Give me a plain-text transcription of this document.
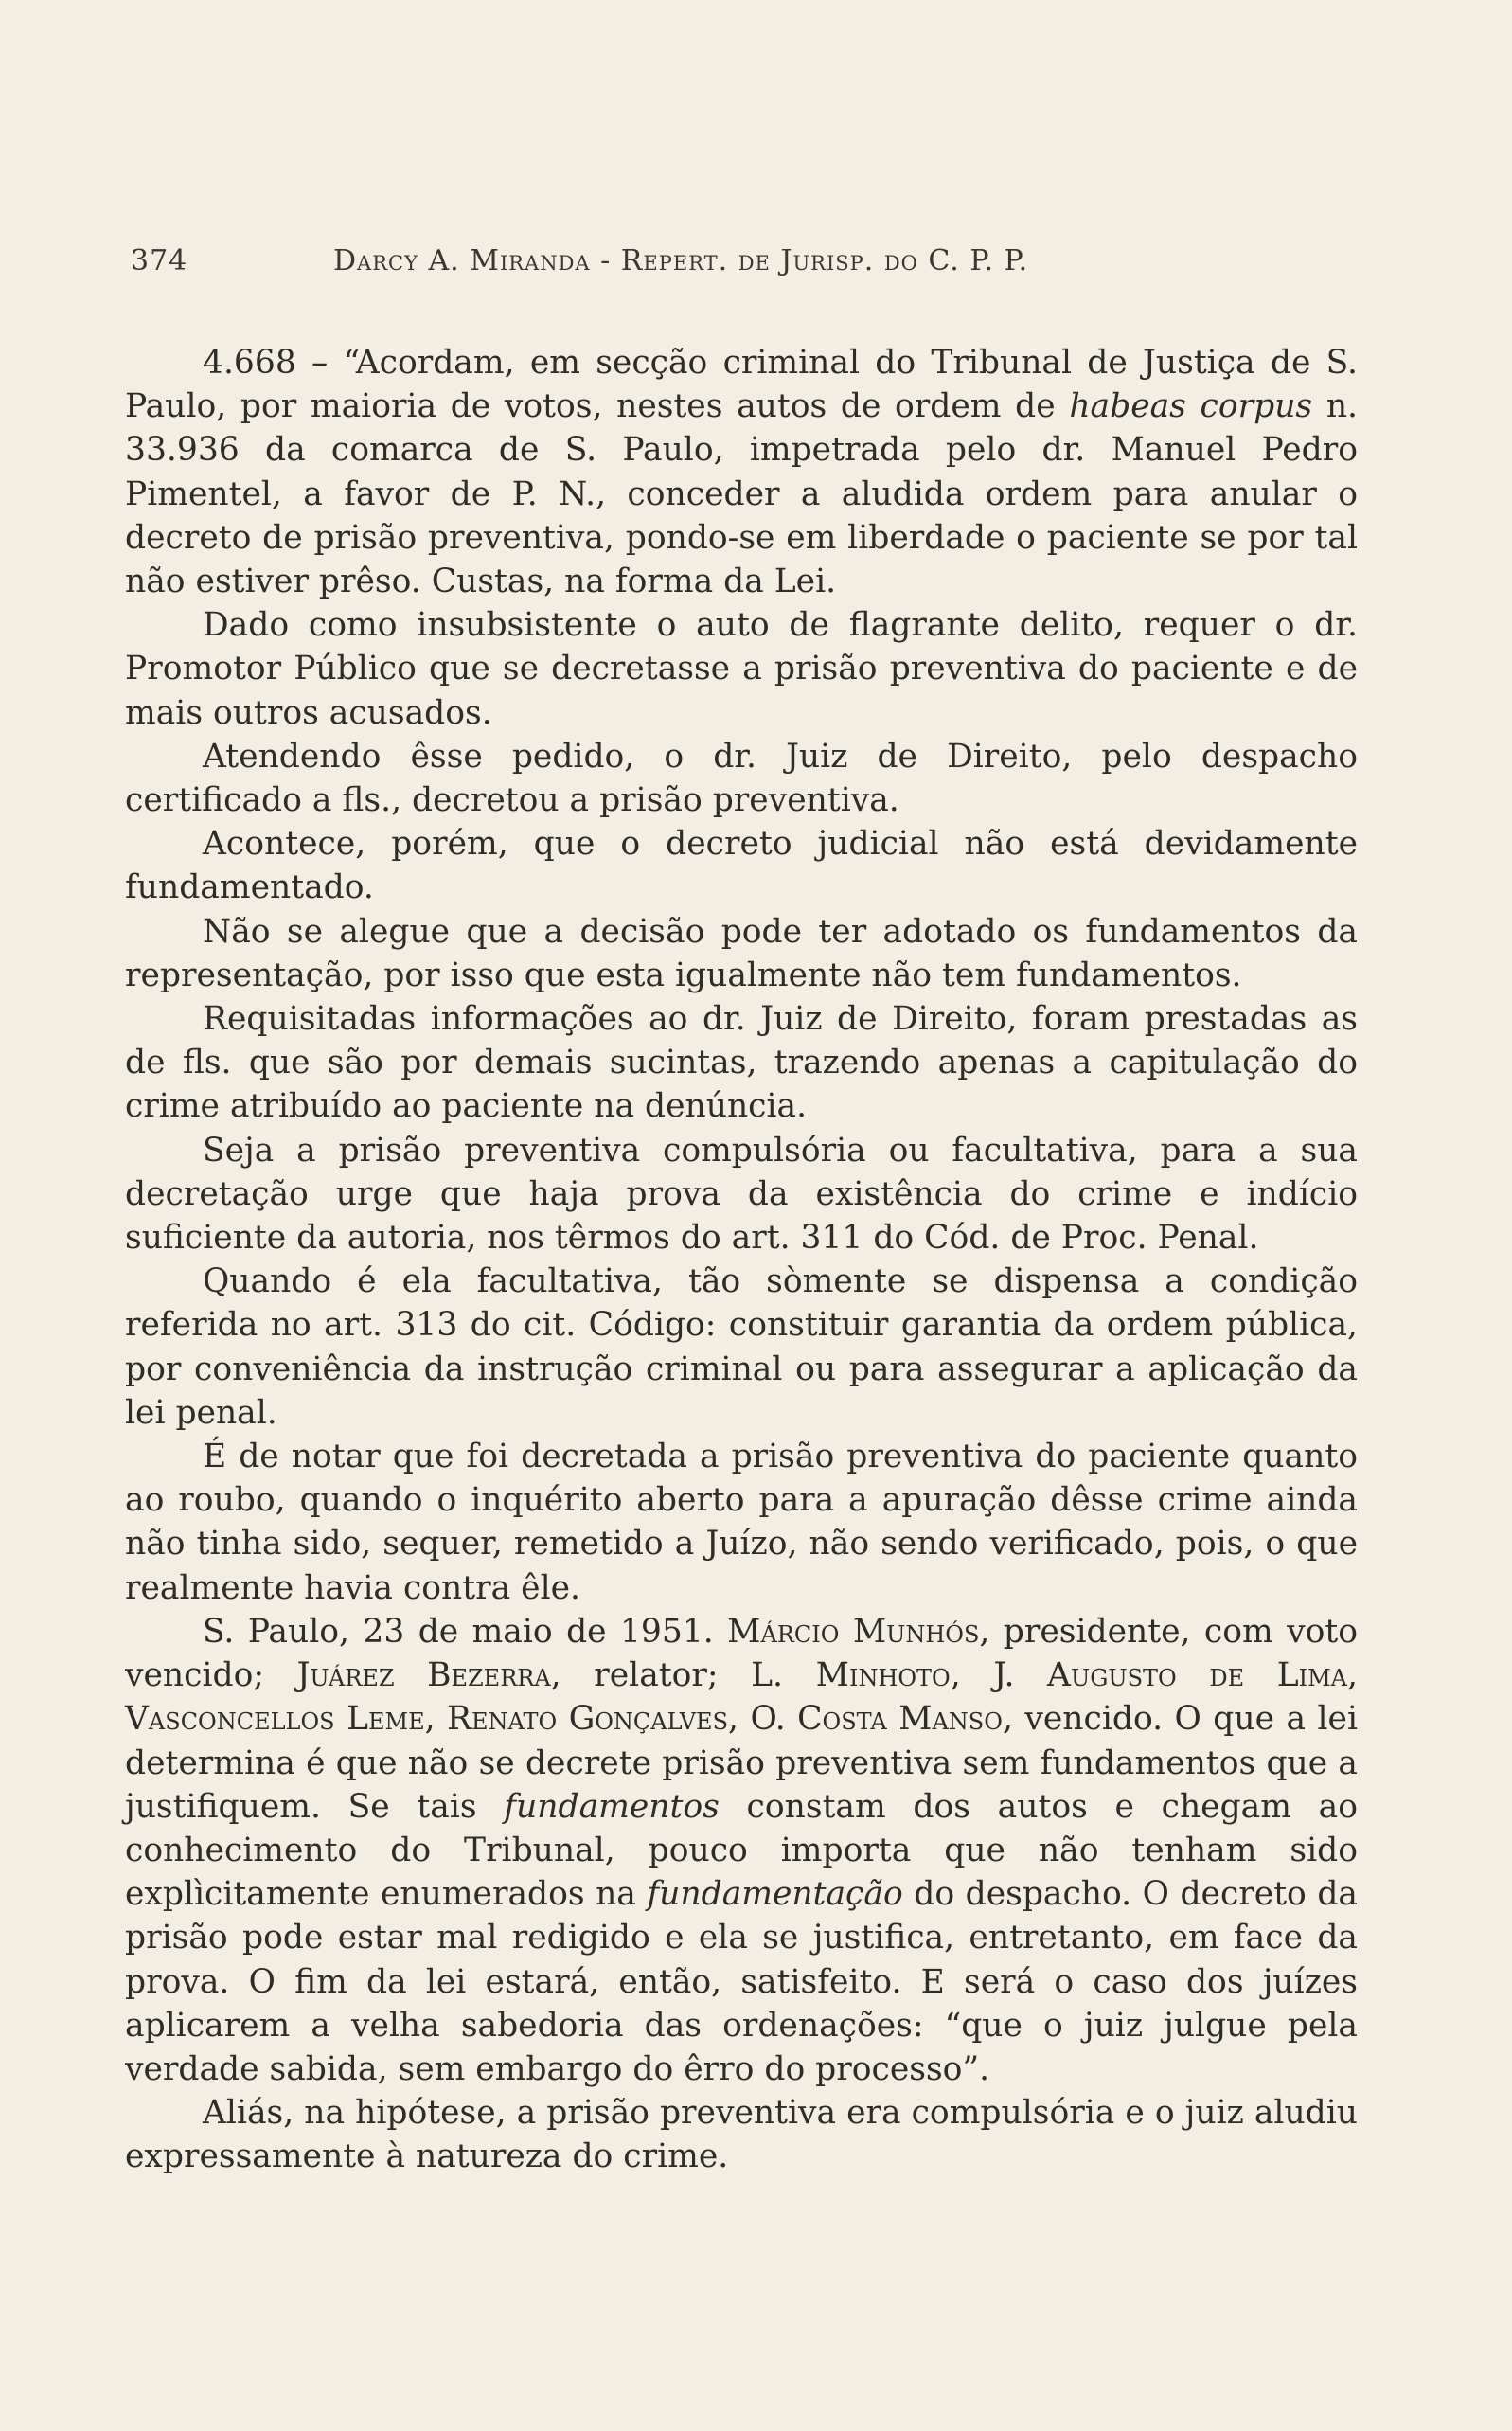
374	Darcy A. Miranda - Repert. de Jurisp. do C. P. P.

4.668 – “Acordam, em secção criminal do Tribunal de Justiça de S. Paulo, por maioria de votos, nestes autos de ordem de habeas corpus n. 33.936 da comarca de S. Paulo, impetrada pelo dr. Manuel Pedro Pimentel, a favor de P. N., conceder a aludida ordem para anular o decreto de prisão preventiva, pondo-se em liberdade o paciente se por tal não estiver prêso. Custas, na forma da Lei.

Dado como insubsistente o auto de flagrante delito, requer o dr. Promotor Público que se decretasse a prisão preventiva do paciente e de mais outros acusados.

Atendendo êsse pedido, o dr. Juiz de Direito, pelo despacho certificado a fls., decretou a prisão preventiva.

Acontece, porém, que o decreto judicial não está devidamente fundamentado.

Não se alegue que a decisão pode ter adotado os fundamentos da representação, por isso que esta igualmente não tem fundamentos.

Requisitadas informações ao dr. Juiz de Direito, foram prestadas as de fls. que são por demais sucintas, trazendo apenas a capitulação do crime atribuído ao paciente na denúncia.

Seja a prisão preventiva compulsória ou facultativa, para a sua decretação urge que haja prova da existência do crime e indício suficiente da autoria, nos têrmos do art. 311 do Cód. de Proc. Penal.

Quando é ela facultativa, tão sòmente se dispensa a condição referida no art. 313 do cit. Código: constituir garantia da ordem pública, por conveniência da instrução criminal ou para assegurar a aplicação da lei penal.

É de notar que foi decretada a prisão preventiva do paciente quanto ao roubo, quando o inquérito aberto para a apuração dêsse crime ainda não tinha sido, sequer, remetido a Juízo, não sendo verificado, pois, o que realmente havia contra êle.

S. Paulo, 23 de maio de 1951. Márcio Munhós, presidente, com voto vencido; Juárez Bezerra, relator; L. Minhoto, J. Augusto de Lima, Vasconcellos Leme, Renato Gonçalves, O. Costa Manso, vencido. O que a lei determina é que não se decrete prisão preventiva sem fundamentos que a justifiquem. Se tais fundamentos constam dos autos e chegam ao conhecimento do Tribunal, pouco importa que não tenham sido explìcitamente enumerados na fundamentação do despacho. O decreto da prisão pode estar mal redigido e ela se justifica, entretanto, em face da prova. O fim da lei estará, então, satisfeito. E será o caso dos juízes aplicarem a velha sabedoria das ordenações: “que o juiz julgue pela verdade sabida, sem embargo do êrro do processo”.

Aliás, na hipótese, a prisão preventiva era compulsória e o juiz aludiu expressamente à natureza do crime.
